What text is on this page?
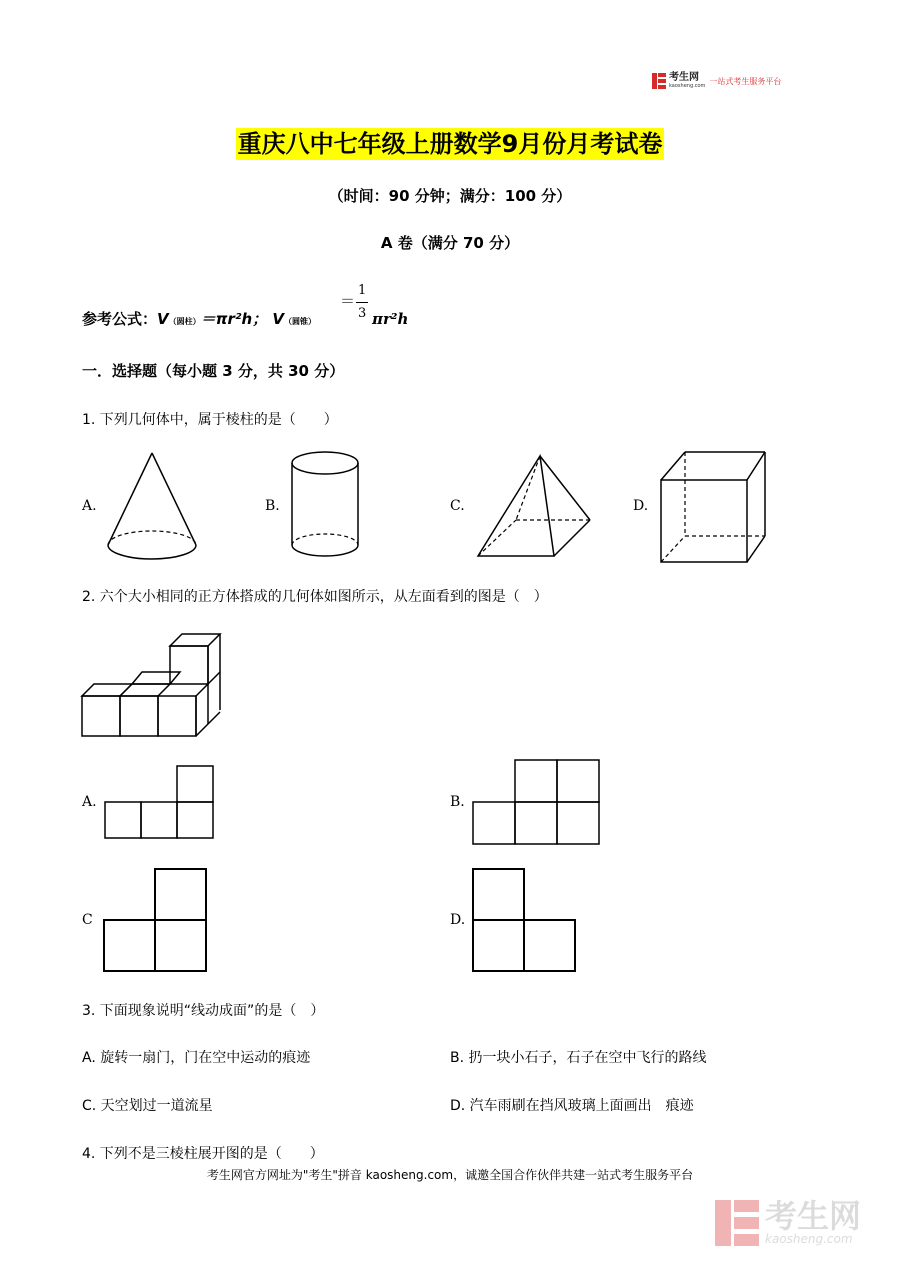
考生网
kaosheng.com
一站式考生服务平台
重庆八中七年级上册数学9月份月考试卷
（时间：90 分钟；满分：100 分）
A 卷（满分 70 分）
参考公式：V（圆柱）＝πr²h； V（圆锥）
＝
1
3 πr²h
一．选择题（每小题 3 分，共 30 分）
1. 下列几何体中，属于棱柱的是（　　）
A.	B.	C.	D.
2. 六个大小相同的正方体搭成的几何体如图所示，从左面看到的图是（　）
A.	B.
C	D.
3. 下面现象说明“线动成面”的是（　）
A. 旋转一扇门，门在空中运动的痕迹	B. 扔一块小石子，石子在空中飞行的路线
C. 天空划过一道流星	D. 汽车雨刷在挡风玻璃上面画出　痕迹
4. 下列不是三棱柱展开图的是（　　）
考生网官方网址为"考生"拼音 kaosheng.com，诚邀全国合作伙伴共建一站式考生服务平台
考生网
kaosheng.com
